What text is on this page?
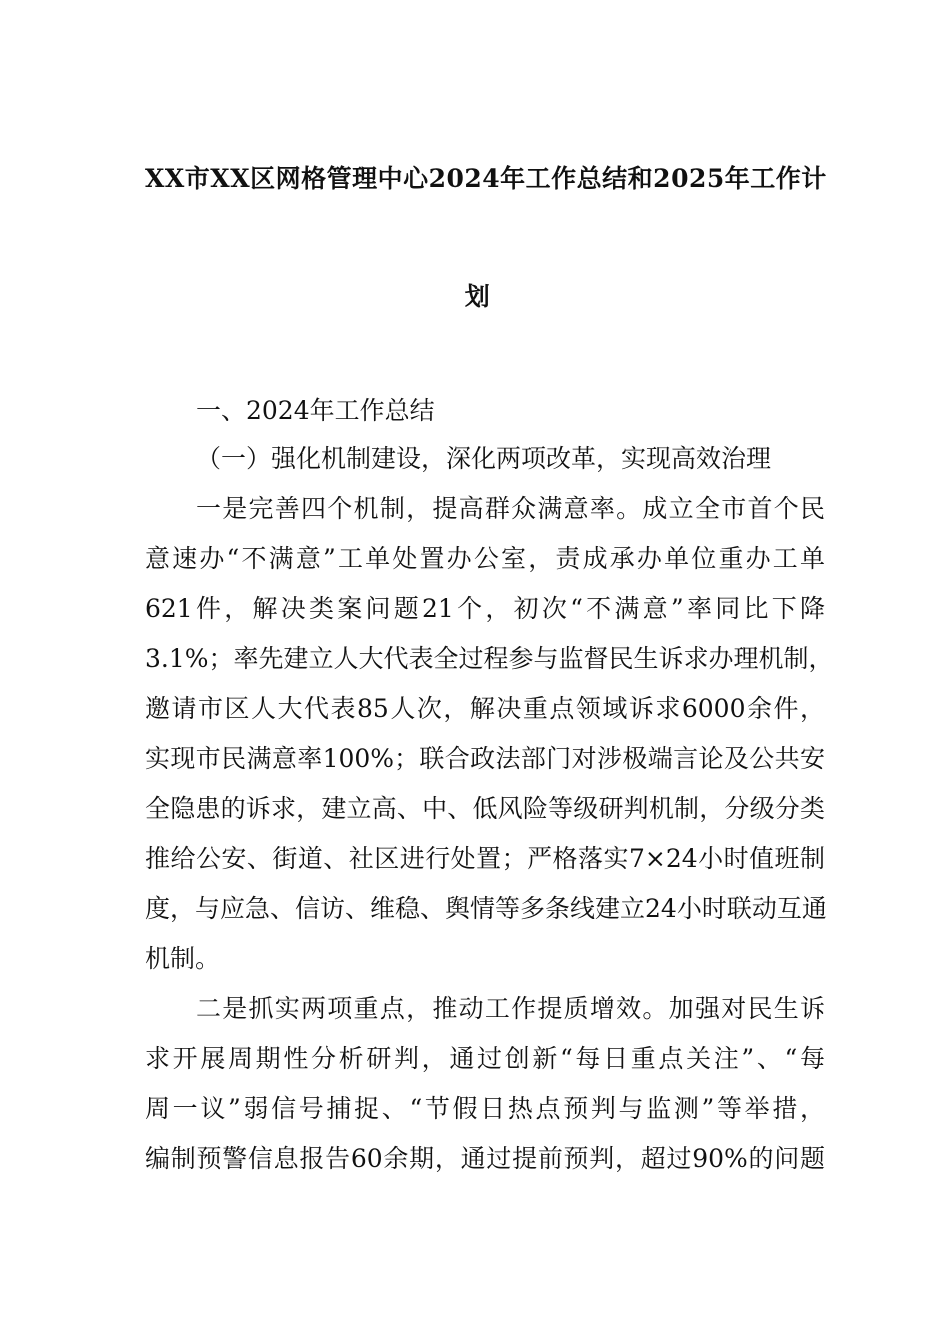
XX市XX区网格管理中心2024年工作总结和2025年工作计
划
一、2024年工作总结
（一）强化机制建设，深化两项改革，实现高效治理
一是完善四个机制，提高群众满意率。成立全市首个民
意速办“不满意”工单处置办公室，责成承办单位重办工单
621件，解决类案问题21个，初次“不满意”率同比下降
3.1%；率先建立人大代表全过程参与监督民生诉求办理机制，
邀请市区人大代表85人次，解决重点领域诉求6000余件，
实现市民满意率100%；联合政法部门对涉极端言论及公共安
全隐患的诉求，建立高、中、低风险等级研判机制，分级分类
推给公安、街道、社区进行处置；严格落实7×24小时值班制
度，与应急、信访、维稳、舆情等多条线建立24小时联动互通
机制。
二是抓实两项重点，推动工作提质增效。加强对民生诉
求开展周期性分析研判，通过创新“每日重点关注”、“每
周一议”弱信号捕捉、“节假日热点预判与监测”等举措，
编制预警信息报告60余期，通过提前预判，超过90%的问题
